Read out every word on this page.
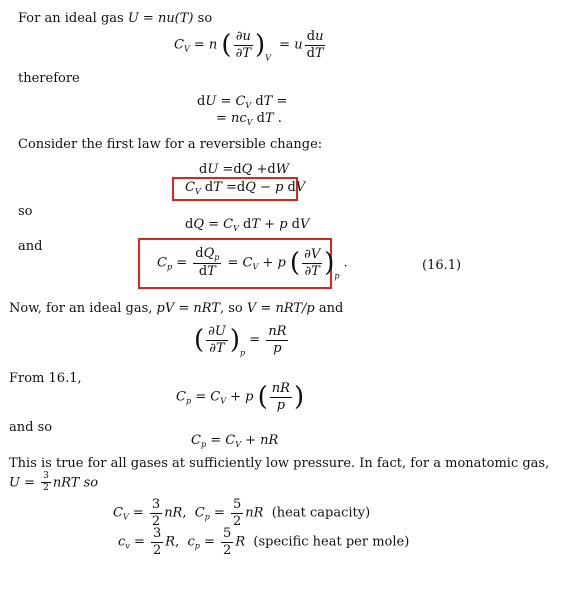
For an ideal gas U = nu(T) so
$C_V = n$ ( $\frac{\partial u}{\partial T} )_V = u \frac{du}{dT}$
therefore
dU = $C_V$ dT =
= $nc_V$ dT .
Consider the first law for a reversible change:
dU =dQ +dW
$C_V$ dT =dQ − p dV
so
dQ = $C_V$ dT + p dV
and
$C_p = \frac{dQ_p}{dT} = C_V + p$ ( $\frac{\partial V}{\partial T} )_p$ .	(16.1)
Now, for an ideal gas, pV = nRT, so V = nRT/p and
( $\frac{\partial U}{\partial T} )_p = \frac{nR}{p}$
From 16.1,
$C_p = C_V + p$ ( $\frac{nR}{p}$ )
and so
$C_p = C_V$ + nR
This is true for all gases at sufficiently low pressure. In fact, for a monatomic gas,
$U = \frac{3}{2}$ nRT so
$C_V = \frac{3}{2}$ nR,  $C_p = \frac{5}{2}$ nR (heat capacity)
$c_v = \frac{3}{2} R$,  $c_p = \frac{5}{2}$ R (specific heat per mole)
